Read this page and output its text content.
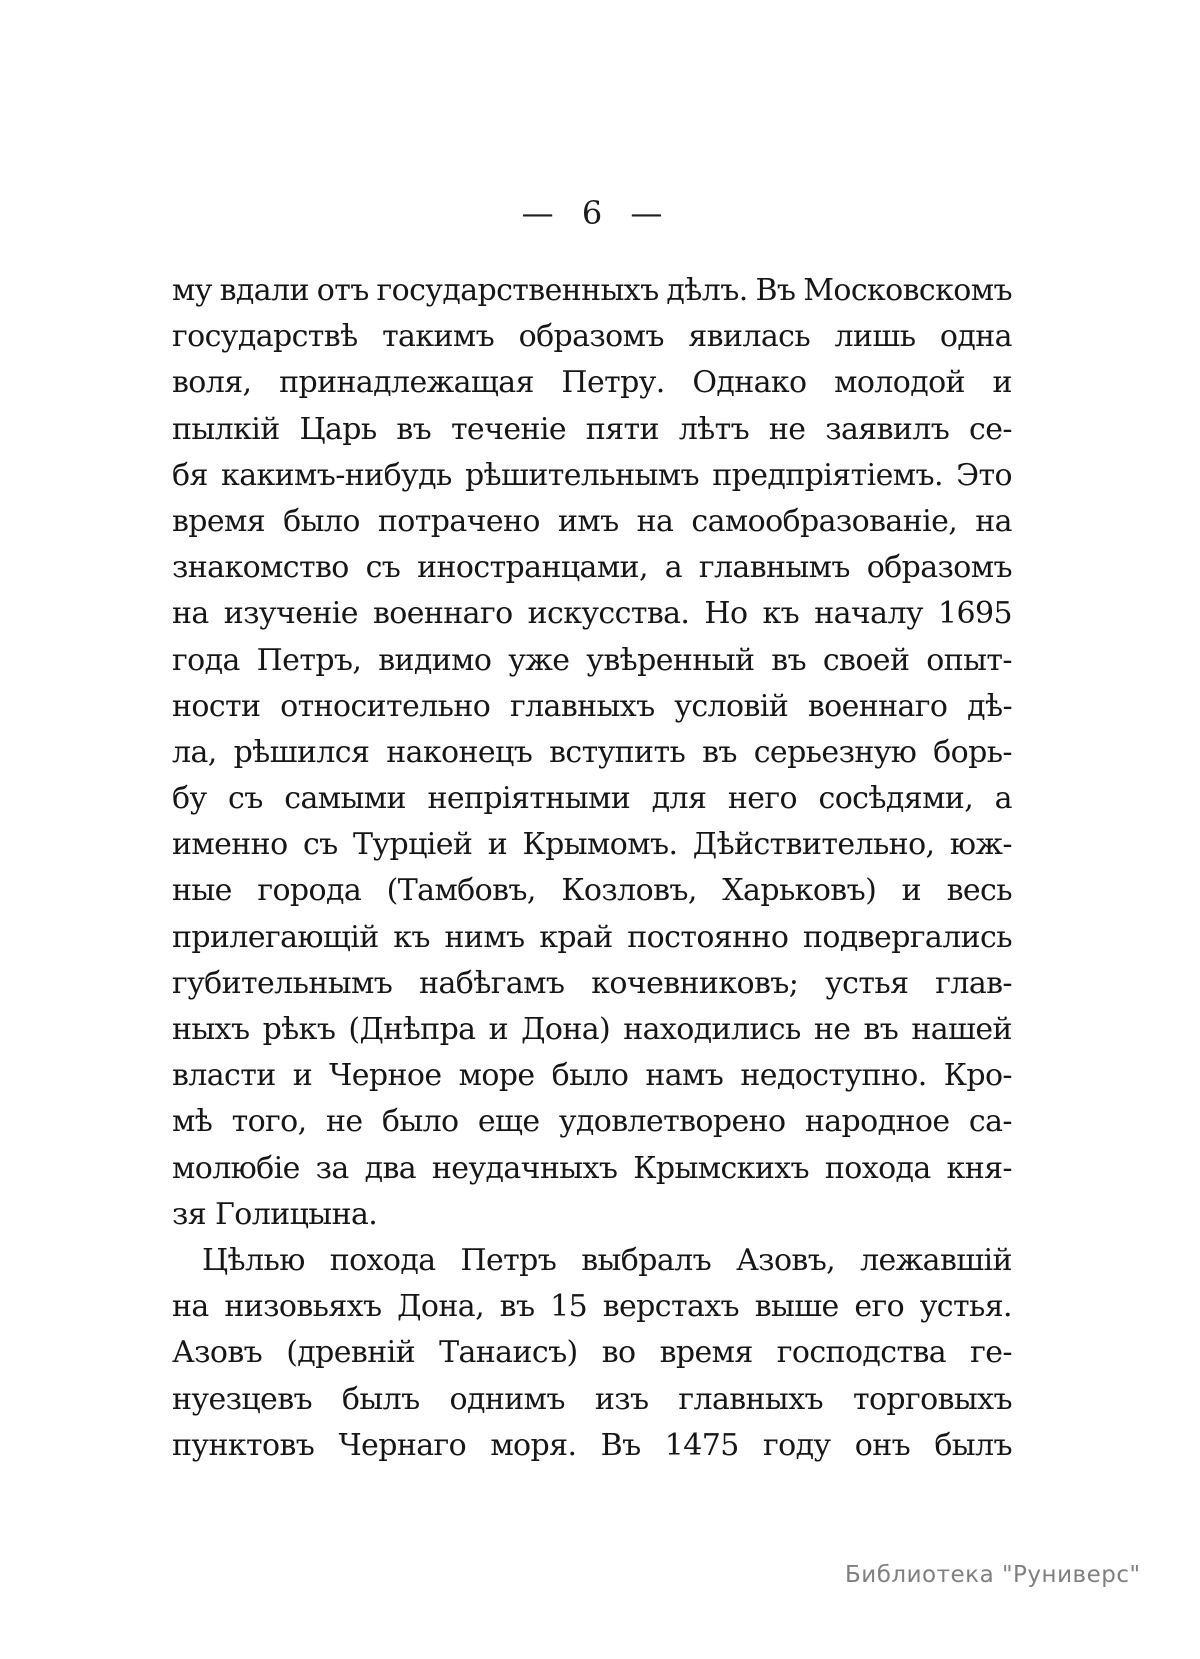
— 6 —
му вдали отъ государственныхъ дѣлъ. Въ Московскомъ
государствѣ такимъ образомъ явилась лишь одна
воля, принадлежащая Петру. Однако молодой и
пылкій Царь въ теченіе пяти лѣтъ не заявилъ се-
бя какимъ-нибудь рѣшительнымъ предпріятіемъ. Это
время было потрачено имъ на самообразованіе, на
знакомство съ иностранцами, а главнымъ образомъ
на изученіе военнаго искусства. Но къ началу 1695
года Петръ, видимо уже увѣренный въ своей опыт-
ности относительно главныхъ условій военнаго дѣ-
ла, рѣшился наконецъ вступить въ серьезную борь-
бу съ самыми непріятными для него сосѣдями, а
именно съ Турціей и Крымомъ. Дѣйствительно, юж-
ные города (Тамбовъ, Козловъ, Харьковъ) и весь
прилегающій къ нимъ край постоянно подвергались
губительнымъ набѣгамъ кочевниковъ; устья глав-
ныхъ рѣкъ (Днѣпра и Дона) находились не въ нашей
власти и Черное море было намъ недоступно. Кро-
мѣ того, не было еще удовлетворено народное са-
молюбіе за два неудачныхъ Крымскихъ похода кня-
зя Голицына.
Цѣлью похода Петръ выбралъ Азовъ, лежавшій
на низовьяхъ Дона, въ 15 верстахъ выше его устья.
Азовъ (древній Танаисъ) во время господства ге-
нуезцевъ былъ однимъ изъ главныхъ торговыхъ
пунктовъ Чернаго моря. Въ 1475 году онъ былъ
Библиотека "Руниверс"
